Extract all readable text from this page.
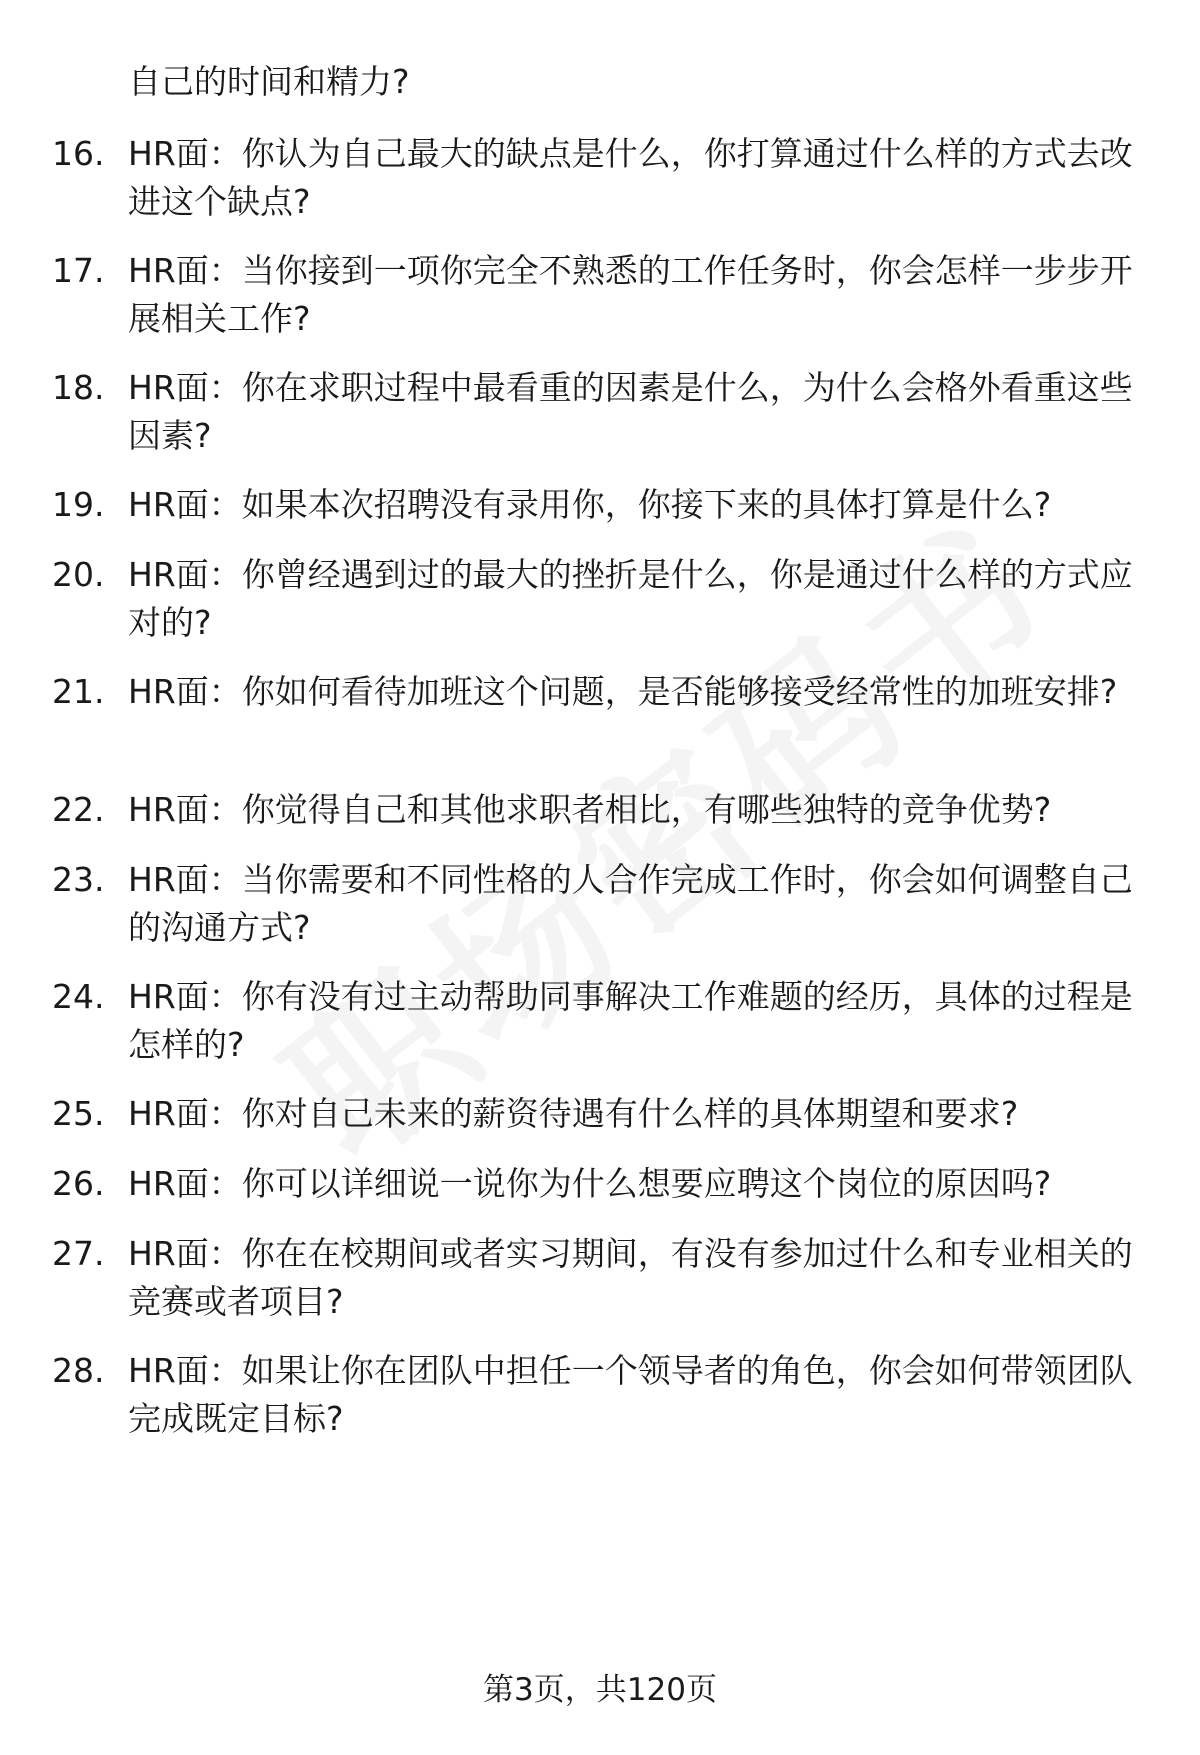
自己的时间和精力?

16. HR面：你认为自己最大的缺点是什么，你打算通过什么样的方式去改进这个缺点?
17. HR面：当你接到一项你完全不熟悉的工作任务时，你会怎样一步步开展相关工作?
18. HR面：你在求职过程中最看重的因素是什么，为什么会格外看重这些因素?
19. HR面：如果本次招聘没有录用你，你接下来的具体打算是什么?
20. HR面：你曾经遇到过的最大的挫折是什么，你是通过什么样的方式应对的?
21. HR面：你如何看待加班这个问题，是否能够接受经常性的加班安排?
22. HR面：你觉得自己和其他求职者相比，有哪些独特的竞争优势?
23. HR面：当你需要和不同性格的人合作完成工作时，你会如何调整自己的沟通方式?
24. HR面：你有没有过主动帮助同事解决工作难题的经历，具体的过程是怎样的?
25. HR面：你对自己未来的薪资待遇有什么样的具体期望和要求?
26. HR面：你可以详细说一说你为什么想要应聘这个岗位的原因吗?
27. HR面：你在在校期间或者实习期间，有没有参加过什么和专业相关的竞赛或者项目?
28. HR面：如果让你在团队中担任一个领导者的角色，你会如何带领团队完成既定目标?
第3页，共120页
